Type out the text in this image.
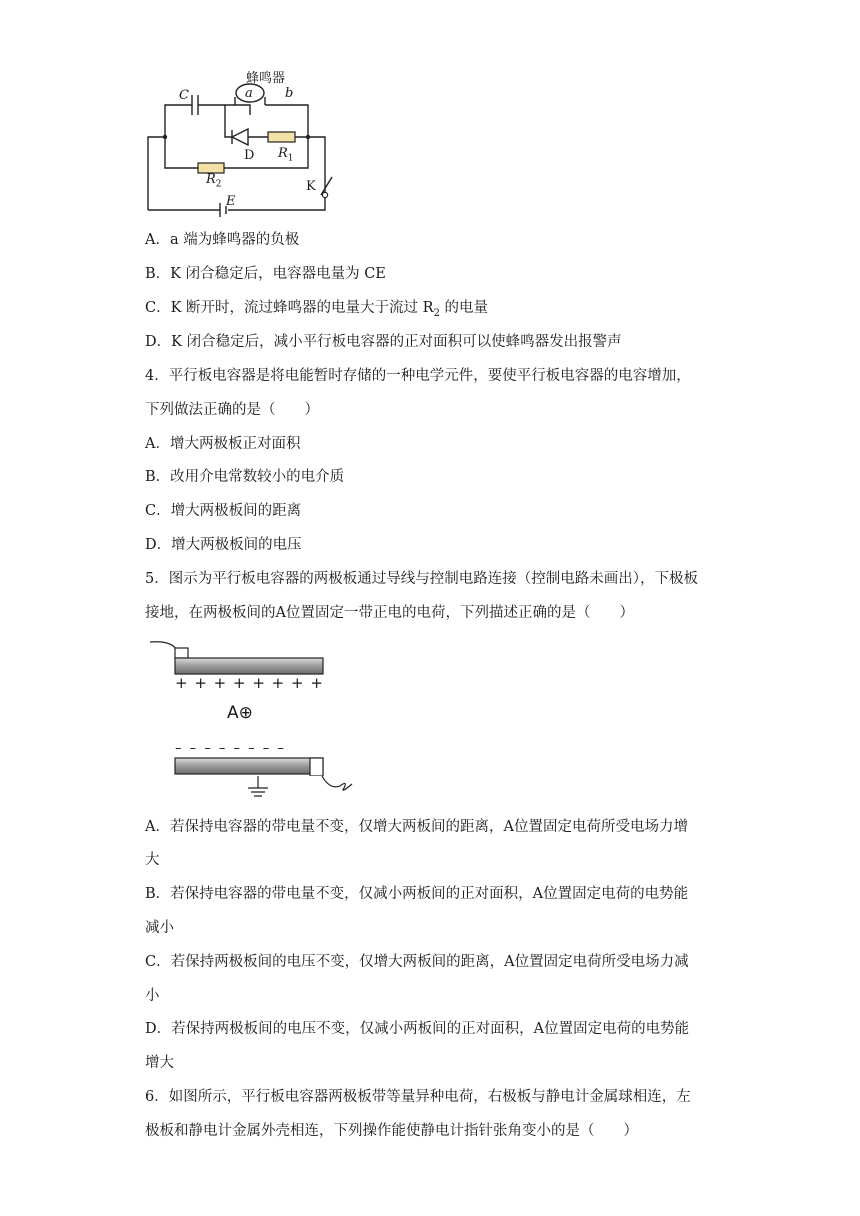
蜂鸣器
a b
C
D $R_1$
$R_2$	K
E
A．a 端为蜂鸣器的负极
B．K 闭合稳定后，电容器电量为 CE
C．K 断开时，流过蜂鸣器的电量大于流过 $R_2$ 的电量
D．K 闭合稳定后，减小平行板电容器的正对面积可以使蜂鸣器发出报警声
4．平行板电容器是将电能暂时存储的一种电学元件，要使平行板电容器的电容增加，
下列做法正确的是（　　）
A．增大两极板正对面积
B．改用介电常数较小的电介质
C．增大两极板间的距离
D．增大两极板间的电压
5．图示为平行板电容器的两极板通过导线与控制电路连接（控制电路未画出），下极板
接地，在两极板间的A位置固定一带正电的电荷，下列描述正确的是（　　）
+ + + + + + + +
A⊕
– – – – – – – –
A．若保持电容器的带电量不变，仅增大两板间的距离，A位置固定电荷所受电场力增
大
B．若保持电容器的带电量不变，仅减小两板间的正对面积，A位置固定电荷的电势能
减小
C．若保持两极板间的电压不变，仅增大两板间的距离，A位置固定电荷所受电场力减
小
D．若保持两极板间的电压不变，仅减小两板间的正对面积，A位置固定电荷的电势能
增大
6．如图所示，平行板电容器两极板带等量异种电荷，右极板与静电计金属球相连，左
极板和静电计金属外壳相连，下列操作能使静电计指针张角变小的是（　　）
